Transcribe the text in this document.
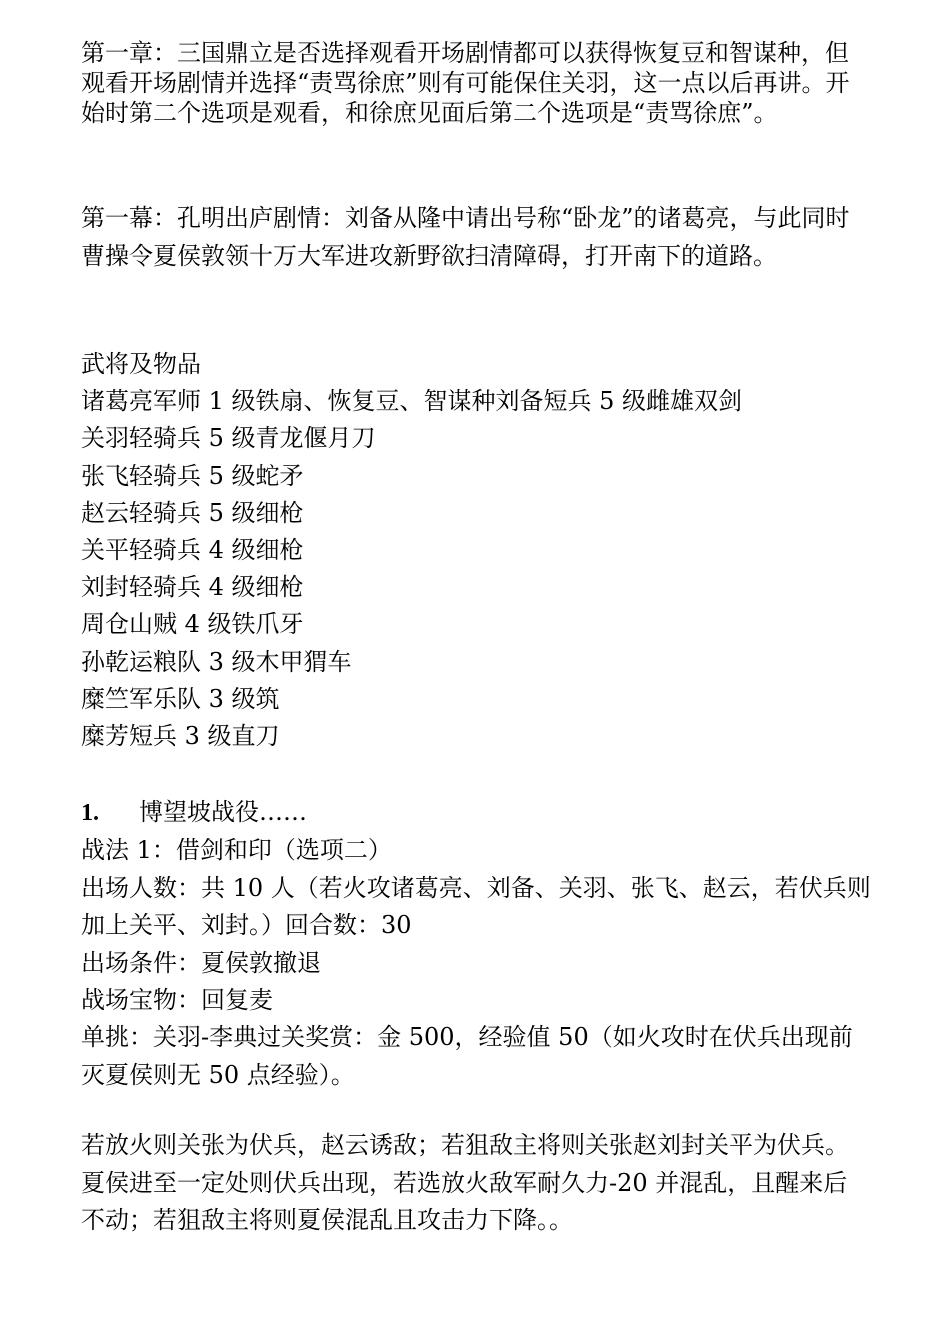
第一章：三国鼎立是否选择观看开场剧情都可以获得恢复豆和智谋种，但观看开场剧情并选择“责骂徐庶”则有可能保住关羽，这一点以后再讲。开始时第二个选项是观看，和徐庶见面后第二个选项是“责骂徐庶”。

第一幕：孔明出庐剧情：刘备从隆中请出号称“卧龙”的诸葛亮，与此同时曹操令夏侯敦领十万大军进攻新野欲扫清障碍，打开南下的道路。

武将及物品
诸葛亮军师 1 级铁扇、恢复豆、智谋种刘备短兵 5 级雌雄双剑
关羽轻骑兵 5 级青龙偃月刀
张飞轻骑兵 5 级蛇矛
赵云轻骑兵 5 级细枪
关平轻骑兵 4 级细枪
刘封轻骑兵 4 级细枪
周仓山贼 4 级铁爪牙
孙乾运粮队 3 级木甲猬车
糜竺军乐队 3 级筑
糜芳短兵 3 级直刀
1. 博望坡战役……
战法 1：借剑和印（选项二）
出场人数：共 10 人（若火攻诸葛亮、刘备、关羽、张飞、赵云，若伏兵则加上关平、刘封。）回合数：30
出场条件：夏侯敦撤退
战场宝物：回复麦
单挑：关羽-李典过关奖赏：金 500，经验值 50（如火攻时在伏兵出现前灭夏侯则无 50 点经验）。

若放火则关张为伏兵，赵云诱敌；若狙敌主将则关张赵刘封关平为伏兵。夏侯进至一定处则伏兵出现，若选放火敌军耐久力-20 并混乱，且醒来后不动；若狙敌主将则夏侯混乱且攻击力下降。。
